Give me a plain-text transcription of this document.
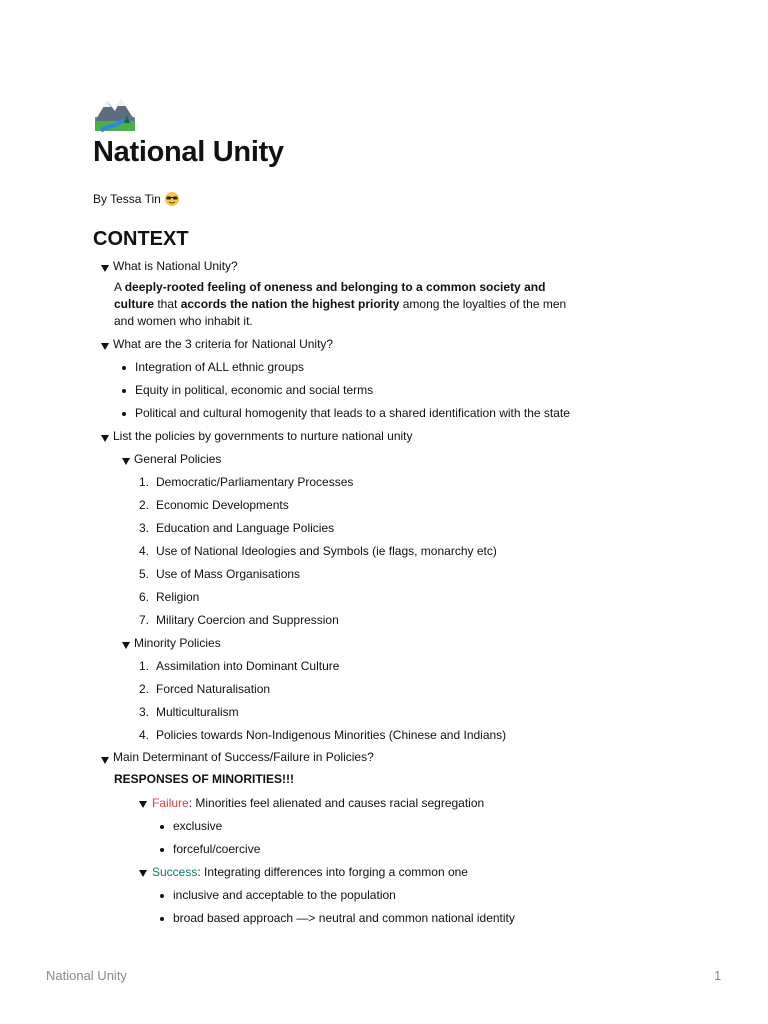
National Unity
By Tessa Tin
CONTEXT
What is National Unity?
A deeply-rooted feeling of oneness and belonging to a common society and culture that accords the nation the highest priority among the loyalties of the men and women who inhabit it.
What are the 3 criteria for National Unity?
Integration of ALL ethnic groups
Equity in political, economic and social terms
Political and cultural homogenity that leads to a shared identification with the state
List the policies by governments to nurture national unity
General Policies
1. Democratic/Parliamentary Processes
2. Economic Developments
3. Education and Language Policies
4. Use of National Ideologies and Symbols (ie flags, monarchy etc)
5. Use of Mass Organisations
6. Religion
7. Military Coercion and Suppression
Minority Policies
1. Assimilation into Dominant Culture
2. Forced Naturalisation
3. Multiculturalism
4. Policies towards Non-Indigenous Minorities (Chinese and Indians)
Main Determinant of Success/Failure in Policies?
RESPONSES OF MINORITIES!!!
Failure: Minorities feel alienated and causes racial segregation
exclusive
forceful/coercive
Success: Integrating differences into forging a common one
inclusive and acceptable to the population
broad based approach —> neutral and common national identity
National Unity	1
